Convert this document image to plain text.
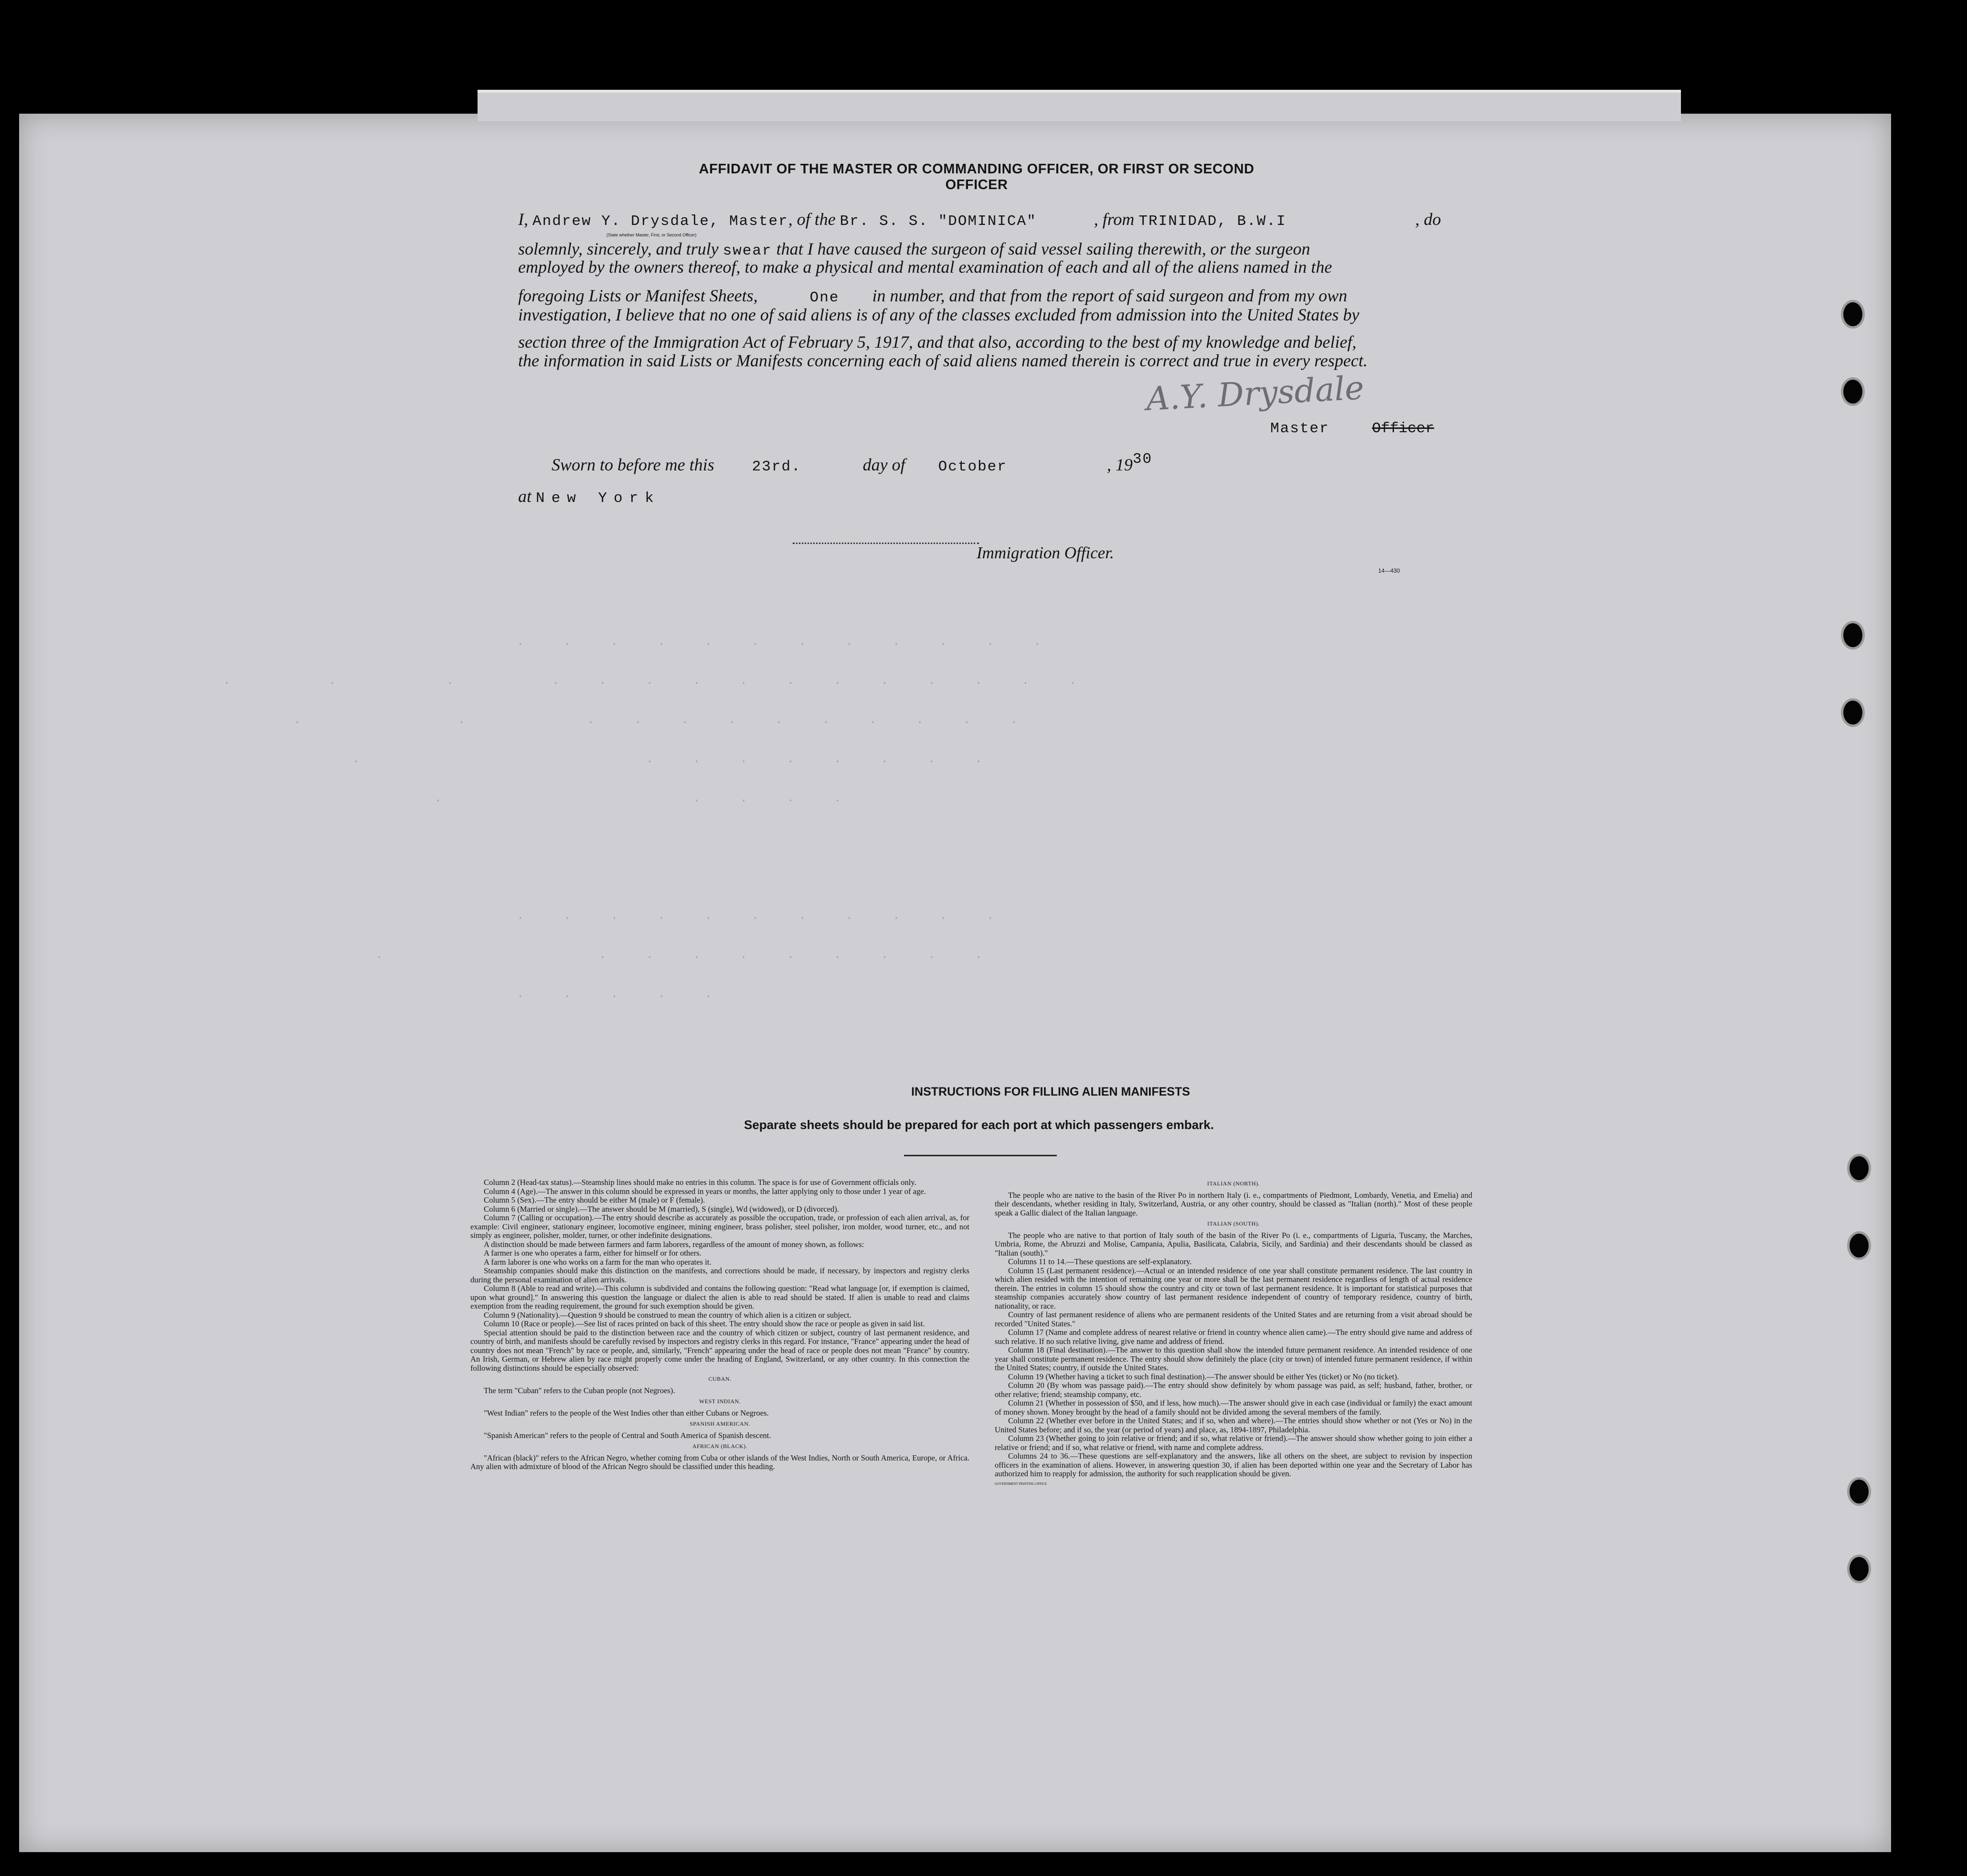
.   .   .   .   .   .   .   .   .   .   .   .
.        .         .        .   .   .   .   .   .   .   .   .   .   .   .
.             .          .   .   .   .   .   .   .   .   .   .
.                        .   .   .   .   .   .   .   .
.                     .   .   .   .

.   .   .   .   .   .   .   .   .   .   .
.                  .   .   .   .   .   .   .   .   .
.   .   .   .   .

AFFIDAVIT OF THE MASTER OR COMMANDING OFFICER, OR FIRST OR SECOND OFFICER
I, Andrew Y. Drysdale, Master, of the Br. S. S. "DOMINICA"	, from TRINIDAD, B.W.I	, do
(State whether Master, First, or Second Officer)
solemnly, sincerely, and truly swear that I have caused the surgeon of said vessel sailing therewith, or the surgeon
employed by the owners thereof, to make a physical and mental examination of each and all of the aliens named in the
foregoing Lists or Manifest Sheets,	One in number, and that from the report of said surgeon and from my own
investigation, I believe that no one of said aliens is of any of the classes excluded from admission into the United States by
section three of the Immigration Act of February 5, 1917, and that also, according to the best of my knowledge and belief,
the information in said Lists or Manifests concerning each of said aliens named therein is correct and true in every respect.
A.Y. Drysdale
Master	Officer
Sworn to before me this 23rd.	day of October	, 1930
at New York
Immigration Officer.
14—430
INSTRUCTIONS FOR FILLING ALIEN MANIFESTS
Separate sheets should be prepared for each port at which passengers embark.

Column 2 (Head-tax status).—Steamship lines should make no entries in this column. The space is for use of Government officials only.

Column 4 (Age).—The answer in this column should be expressed in years or months, the latter applying only to those under 1 year of age.

Column 5 (Sex).—The entry should be either M (male) or F (female).

Column 6 (Married or single).—The answer should be M (married), S (single), Wd (widowed), or D (divorced).

Column 7 (Calling or occupation).—The entry should describe as accurately as possible the occupation, trade, or profession of each alien arrival, as, for example: Civil engineer, stationary engineer, locomotive engineer, mining engineer, brass polisher, steel polisher, iron molder, wood turner, etc., and not simply as engineer, polisher, molder, turner, or other indefinite designations.

A distinction should be made between farmers and farm laborers, regardless of the amount of money shown, as follows:

A farmer is one who operates a farm, either for himself or for others.

A farm laborer is one who works on a farm for the man who operates it.

Steamship companies should make this distinction on the manifests, and corrections should be made, if necessary, by inspectors and registry clerks during the personal examination of alien arrivals.

Column 8 (Able to read and write).—This column is subdivided and contains the following question: "Read what language [or, if exemption is claimed, upon what ground]." In answering this question the language or dialect the alien is able to read should be stated. If alien is unable to read and claims exemption from the reading requirement, the ground for such exemption should be given.

Column 9 (Nationality).—Question 9 should be construed to mean the country of which alien is a citizen or subject.

Column 10 (Race or people).—See list of races printed on back of this sheet. The entry should show the race or people as given in said list.

Special attention should be paid to the distinction between race and the country of which citizen or subject, country of last permanent residence, and country of birth, and manifests should be carefully revised by inspectors and registry clerks in this regard. For instance, "France" appearing under the head of country does not mean "French" by race or people, and, similarly, "French" appearing under the head of race or people does not mean "France" by country. An Irish, German, or Hebrew alien by race might properly come under the heading of England, Switzerland, or any other country. In this connection the following distinctions should be especially observed:

CUBAN.

The term "Cuban" refers to the Cuban people (not Negroes).

WEST INDIAN.

"West Indian" refers to the people of the West Indies other than either Cubans or Negroes.

SPANISH AMERICAN.

"Spanish American" refers to the people of Central and South America of Spanish descent.

AFRICAN (BLACK).

"African (black)" refers to the African Negro, whether coming from Cuba or other islands of the West Indies, North or South America, Europe, or Africa. Any alien with admixture of blood of the African Negro should be classified under this heading.

ITALIAN (NORTH).

The people who are native to the basin of the River Po in northern Italy (i. e., compartments of Piedmont, Lombardy, Venetia, and Emelia) and their descendants, whether residing in Italy, Switzerland, Austria, or any other country, should be classed as "Italian (north)." Most of these people speak a Gallic dialect of the Italian language.

ITALIAN (SOUTH).

The people who are native to that portion of Italy south of the basin of the River Po (i. e., compartments of Liguria, Tuscany, the Marches, Umbria, Rome, the Abruzzi and Molise, Campania, Apulia, Basilicata, Calabria, Sicily, and Sardinia) and their descendants should be classed as "Italian (south)."

Columns 11 to 14.—These questions are self-explanatory.

Column 15 (Last permanent residence).—Actual or an intended residence of one year shall constitute permanent residence. The last country in which alien resided with the intention of remaining one year or more shall be the last permanent residence regardless of length of actual residence therein. The entries in column 15 should show the country and city or town of last permanent residence. It is important for statistical purposes that steamship companies accurately show country of last permanent residence independent of country of temporary residence, country of birth, nationality, or race.

Country of last permanent residence of aliens who are permanent residents of the United States and are returning from a visit abroad should be recorded "United States."

Column 17 (Name and complete address of nearest relative or friend in country whence alien came).—The entry should give name and address of such relative. If no such relative living, give name and address of friend.

Column 18 (Final destination).—The answer to this question shall show the intended future permanent residence. An intended residence of one year shall constitute permanent residence. The entry should show definitely the place (city or town) of intended future permanent residence, if within the United States; country, if outside the United States.

Column 19 (Whether having a ticket to such final destination).—The answer should be either Yes (ticket) or No (no ticket).

Column 20 (By whom was passage paid).—The entry should show definitely by whom passage was paid, as self; husband, father, brother, or other relative; friend; steamship company, etc.

Column 21 (Whether in possession of $50, and if less, how much).—The answer should give in each case (individual or family) the exact amount of money shown. Money brought by the head of a family should not be divided among the several members of the family.

Column 22 (Whether ever before in the United States; and if so, when and where).—The entries should show whether or not (Yes or No) in the United States before; and if so, the year (or period of years) and place, as, 1894-1897, Philadelphia.

Column 23 (Whether going to join relative or friend; and if so, what relative or friend).—The answer should show whether going to join either a relative or friend; and if so, what relative or friend, with name and complete address.

Columns 24 to 36.—These questions are self-explanatory and the answers, like all others on the sheet, are subject to revision by inspection officers in the examination of aliens. However, in answering question 30, if alien has been deported within one year and the Secretary of Labor has authorized him to reapply for admission, the authority for such reapplication should be given.

GOVERNMENT PRINTING OFFICE
